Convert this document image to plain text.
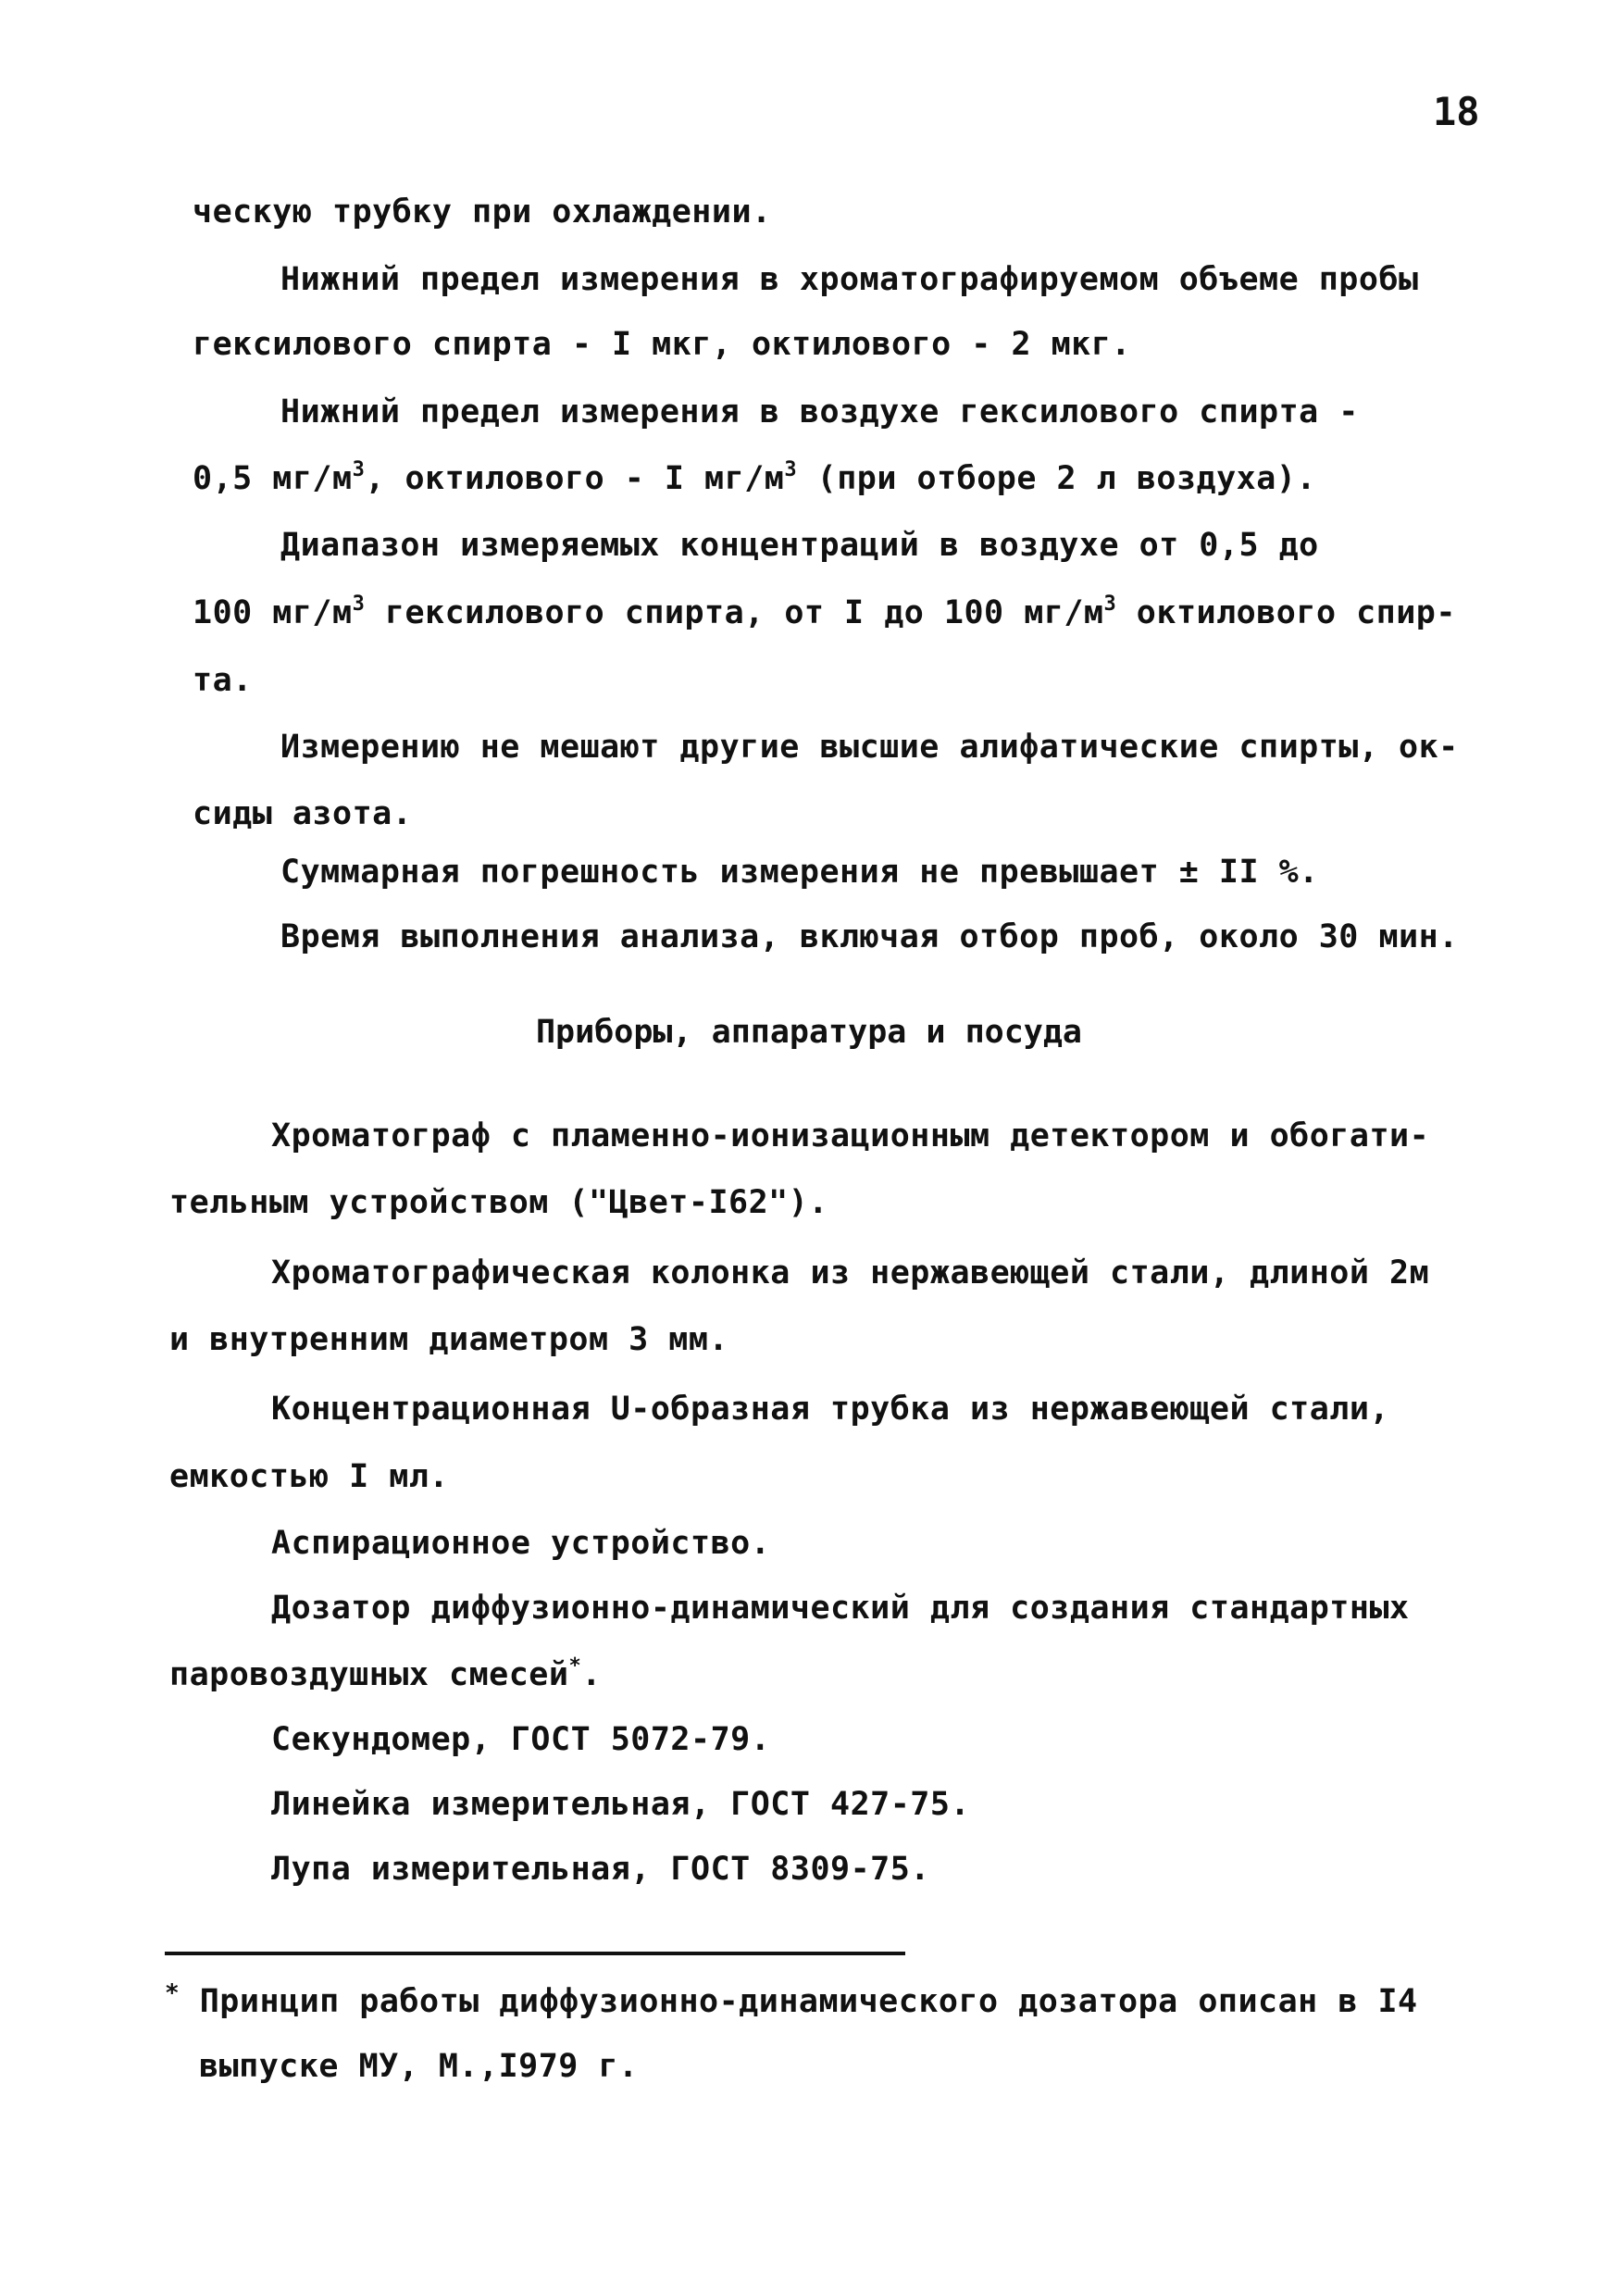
18
ческую трубку при охлаждении.
Нижний предел измерения в хроматографируемом объеме пробы
гексилового спирта - I мкг, октилового - 2 мкг.
Нижний предел измерения в воздухе гексилового спирта -
0,5 $мг/м^3$, октилового - I $мг/м^3$ (при отборе 2 л воздуха).
Диапазон измеряемых концентраций в воздухе от 0,5 до
100 $мг/м^3$ гексилового спирта, от I до 100 $мг/м^3$ октилового спир-
та.
Измерению не мешают другие высшие алифатические спирты, ок-
сиды азота.
Суммарная погрешность измерения не превышает ± II %.
Время выполнения анализа, включая отбор проб, около 30 мин.
Приборы, аппаратура и посуда
Хроматограф с пламенно-ионизационным детектором и обогати-
тельным устройством ("Цвет-I62").
Хроматографическая колонка из нержавеющей стали, длиной 2м
и внутренним диаметром 3 мм.
Концентрационная U-образная трубка из нержавеющей стали,
емкостью I мл.
Аспирационное устройство.
Дозатор диффузионно-динамический для создания стандартных
паровоздушных смесей*.
Секундомер, ГОСТ 5072-79.
Линейка измерительная, ГОСТ 427-75.
Лупа измерительная, ГОСТ 8309-75.
* Принцип работы диффузионно-динамического дозатора описан в I4
выпуске МУ, М.,I979 г.
